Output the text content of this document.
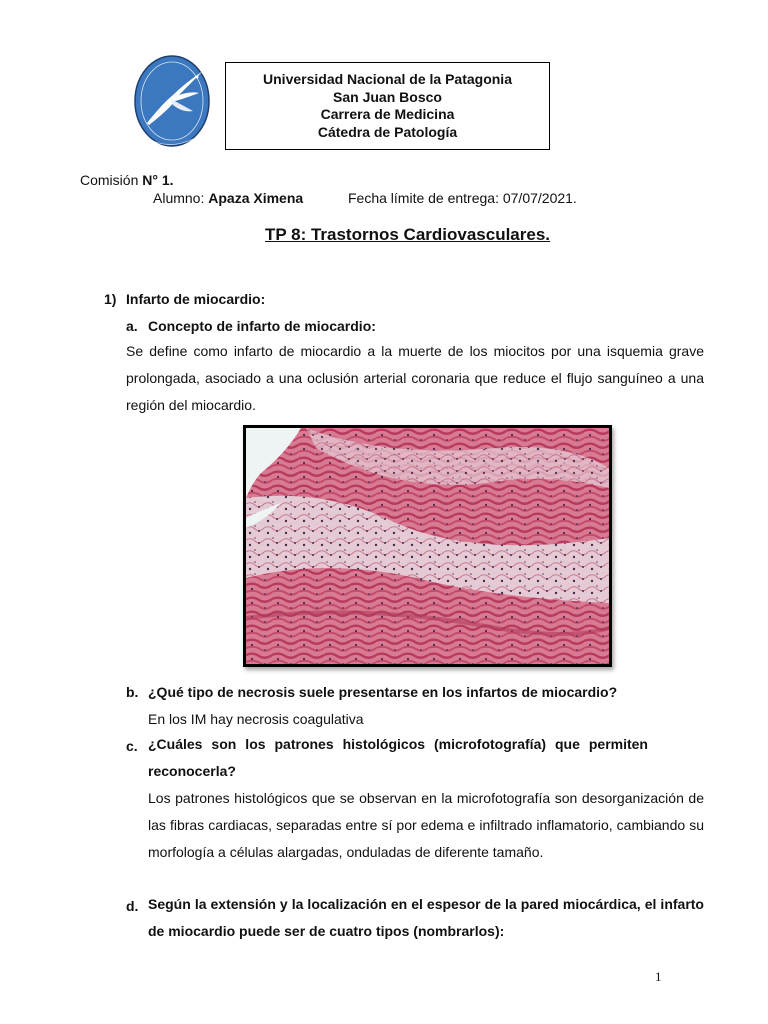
Universidad Nacional de la Patagonia
San Juan Bosco
Carrera de Medicina
Cátedra de Patología
Comisión N° 1.
Alumno: Apaza Ximena	Fecha límite de entrega: 07/07/2021.
TP 8: Trastornos Cardiovasculares.
1) Infarto de miocardio:
a. Concepto de infarto de miocardio:
Se define como infarto de miocardio a la muerte de los miocitos por una isquemia grave prolongada, asociado a una oclusión arterial coronaria que reduce el flujo sanguíneo a una región del miocardio.
b. ¿Qué tipo de necrosis suele presentarse en los infartos de miocardio?
En los IM hay necrosis coagulativa
c. ¿Cuáles son los patrones histológicos (microfotografía) que permiten reconocerla?
Los patrones histológicos que se observan en la microfotografía son desorganización de las fibras cardiacas, separadas entre sí por edema e infiltrado inflamatorio, cambiando su morfología a células alargadas, onduladas de diferente tamaño.
d. Según la extensión y la localización en el espesor de la pared miocárdica, el infarto de miocardio puede ser de cuatro tipos (nombrarlos):
1
